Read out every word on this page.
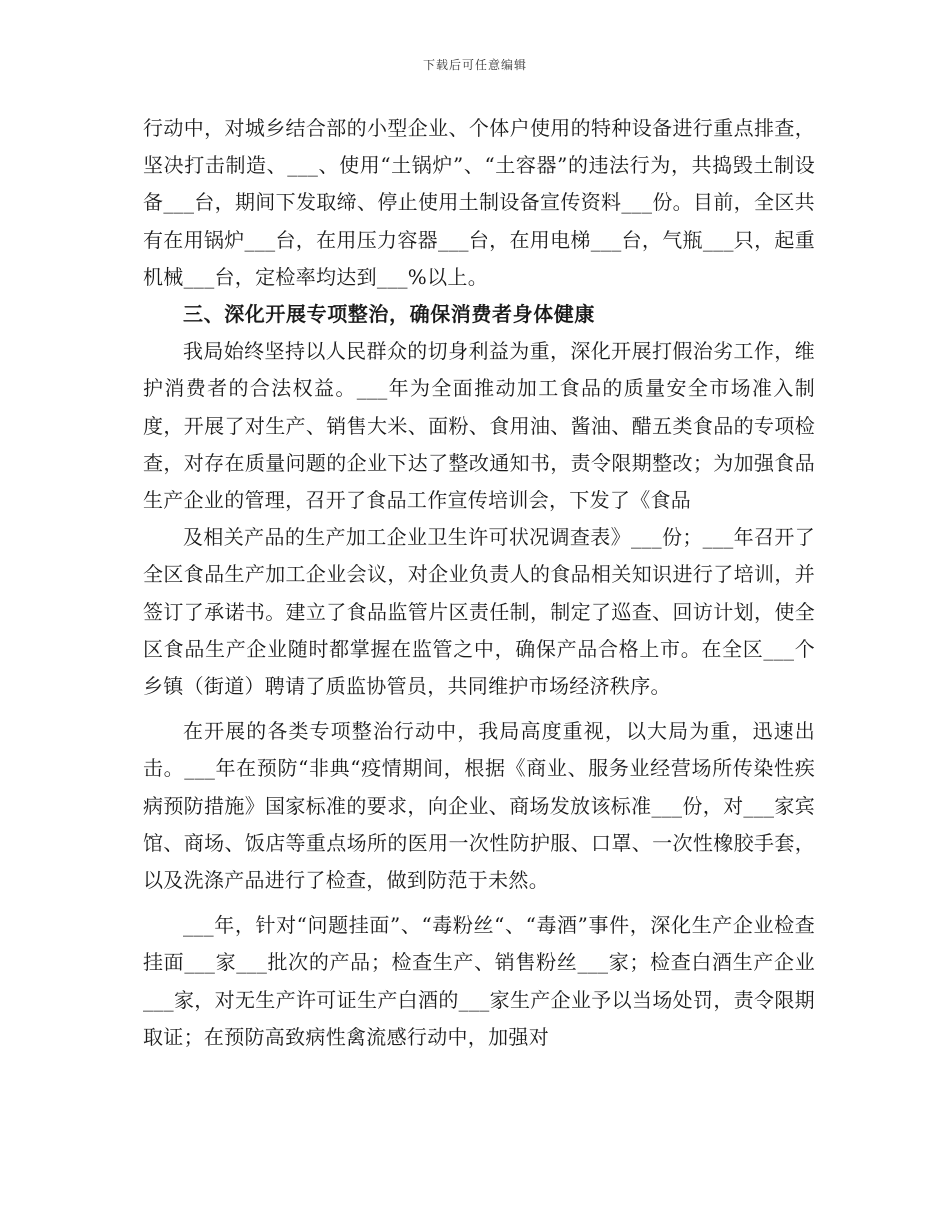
下载后可任意编辑

行动中，对城乡结合部的小型企业、个体户使用的特种设备进行重点排查，坚决打击制造、___、使用“土锅炉”、“土容器”的违法行为，共捣毁土制设备___台，期间下发取缔、停止使用土制设备宣传资料___份。目前，全区共有在用锅炉___台，在用压力容器___台，在用电梯___台，气瓶___只，起重机械___台，定检率均达到___%以上。

三、深化开展专项整治，确保消费者身体健康

我局始终坚持以人民群众的切身利益为重，深化开展打假治劣工作，维护消费者的合法权益。___年为全面推动加工食品的质量安全市场准入制度，开展了对生产、销售大米、面粉、食用油、酱油、醋五类食品的专项检查，对存在质量问题的企业下达了整改通知书，责令限期整改；为加强食品生产企业的管理，召开了食品工作宣传培训会，下发了《食品

及相关产品的生产加工企业卫生许可状况调查表》___份；___年召开了全区食品生产加工企业会议，对企业负责人的食品相关知识进行了培训，并签订了承诺书。建立了食品监管片区责任制，制定了巡查、回访计划，使全区食品生产企业随时都掌握在监管之中，确保产品合格上市。在全区___个乡镇（街道）聘请了质监协管员，共同维护市场经济秩序。

在开展的各类专项整治行动中，我局高度重视，以大局为重，迅速出击。___年在预防“非典“疫情期间，根据《商业、服务业经营场所传染性疾病预防措施》国家标准的要求，向企业、商场发放该标准___份，对___家宾馆、商场、饭店等重点场所的医用一次性防护服、口罩、一次性橡胶手套，以及洗涤产品进行了检查，做到防范于未然。

___年，针对“问题挂面”、“毒粉丝“、“毒酒”事件，深化生产企业检查挂面___家___批次的产品；检查生产、销售粉丝___家；检查白酒生产企业___家，对无生产许可证生产白酒的___家生产企业予以当场处罚，责令限期取证；在预防高致病性禽流感行动中，加强对
